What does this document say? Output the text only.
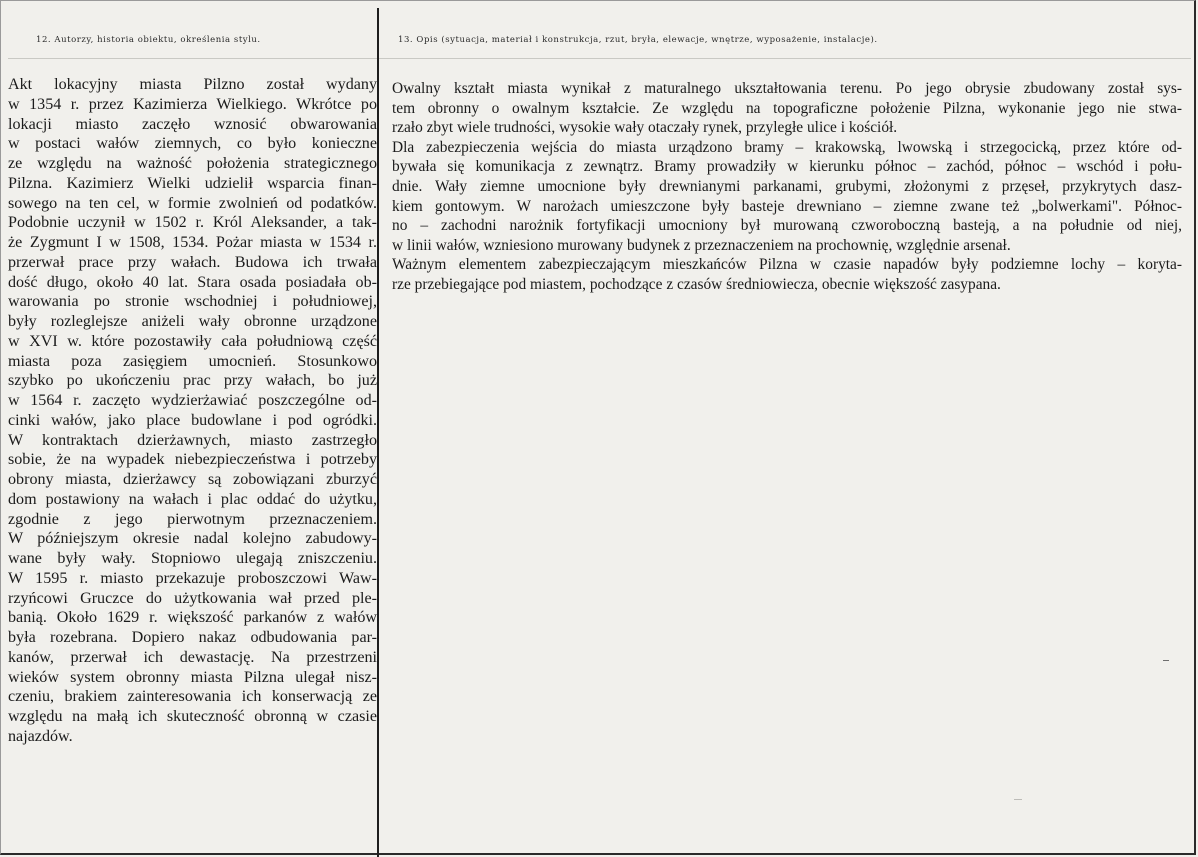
12. Autorzy, historia obiektu, określenia stylu.	13. Opis (sytuacja, materiał i konstrukcja, rzut, bryła, elewacje, wnętrze, wyposażenie, instalacje).
Akt lokacyjny miasta Pilzno został wydany
w 1354 r. przez Kazimierza Wielkiego. Wkrótce po
lokacji miasto zaczęło wznosić obwarowania
w postaci wałów ziemnych, co było konieczne
ze względu na ważność położenia strategicznego
Pilzna. Kazimierz Wielki udzielił wsparcia finan-
sowego na ten cel, w formie zwolnień od podatków.
Podobnie uczynił w 1502 r. Król Aleksander, a tak-
że Zygmunt I w 1508, 1534. Pożar miasta w 1534 r.
przerwał prace przy wałach. Budowa ich trwała
dość długo, około 40 lat. Stara osada posiadała ob-
warowania po stronie wschodniej i południowej,
były rozleglejsze aniżeli wały obronne urządzone
w XVI w. które pozostawiły cała południową część
miasta poza zasięgiem umocnień. Stosunkowo
szybko po ukończeniu prac przy wałach, bo już
w 1564 r. zaczęto wydzierżawiać poszczególne od-
cinki wałów, jako place budowlane i pod ogródki.
W kontraktach dzierżawnych, miasto zastrzegło
sobie, że na wypadek niebezpieczeństwa i potrzeby
obrony miasta, dzierżawcy są zobowiązani zburzyć
dom postawiony na wałach i plac oddać do użytku,
zgodnie z jego pierwotnym przeznaczeniem.
W późniejszym okresie nadal kolejno zabudowy-
wane były wały. Stopniowo ulegają zniszczeniu.
W 1595 r. miasto przekazuje proboszczowi Waw-
rzyńcowi Gruczce do użytkowania wał przed ple-
banią. Około 1629 r. większość parkanów z wałów
była rozebrana. Dopiero nakaz odbudowania par-
kanów, przerwał ich dewastację. Na przestrzeni
wieków system obronny miasta Pilzna ulegał nisz-
czeniu, brakiem zainteresowania ich konserwacją ze
względu na małą ich skuteczność obronną w czasie
najazdów.
Owalny kształt miasta wynikał z maturalnego ukształtowania terenu. Po jego obrysie zbudowany został sys-
tem obronny o owalnym kształcie. Ze względu na topograficzne położenie Pilzna, wykonanie jego nie stwa-
rzało zbyt wiele trudności, wysokie wały otaczały rynek, przyległe ulice i kościół.
Dla zabezpieczenia wejścia do miasta urządzono bramy – krakowską, lwowską i strzegocicką, przez które od-
bywała się komunikacja z zewnątrz. Bramy prowadziły w kierunku północ – zachód, północ – wschód i połu-
dnie. Wały ziemne umocnione były drewnianymi parkanami, grubymi, złożonymi z przęseł, przykrytych dasz-
kiem gontowym. W narożach umieszczone były basteje drewniano – ziemne zwane też „bolwerkami". Północ-
no – zachodni narożnik fortyfikacji umocniony był murowaną czworoboczną basteją, a na południe od niej,
w linii wałów, wzniesiono murowany budynek z przeznaczeniem na prochownię, względnie arsenał.
Ważnym elementem zabezpieczającym mieszkańców Pilzna w czasie napadów były podziemne lochy – koryta-
rze przebiegające pod miastem, pochodzące z czasów średniowiecza, obecnie większość zasypana.
